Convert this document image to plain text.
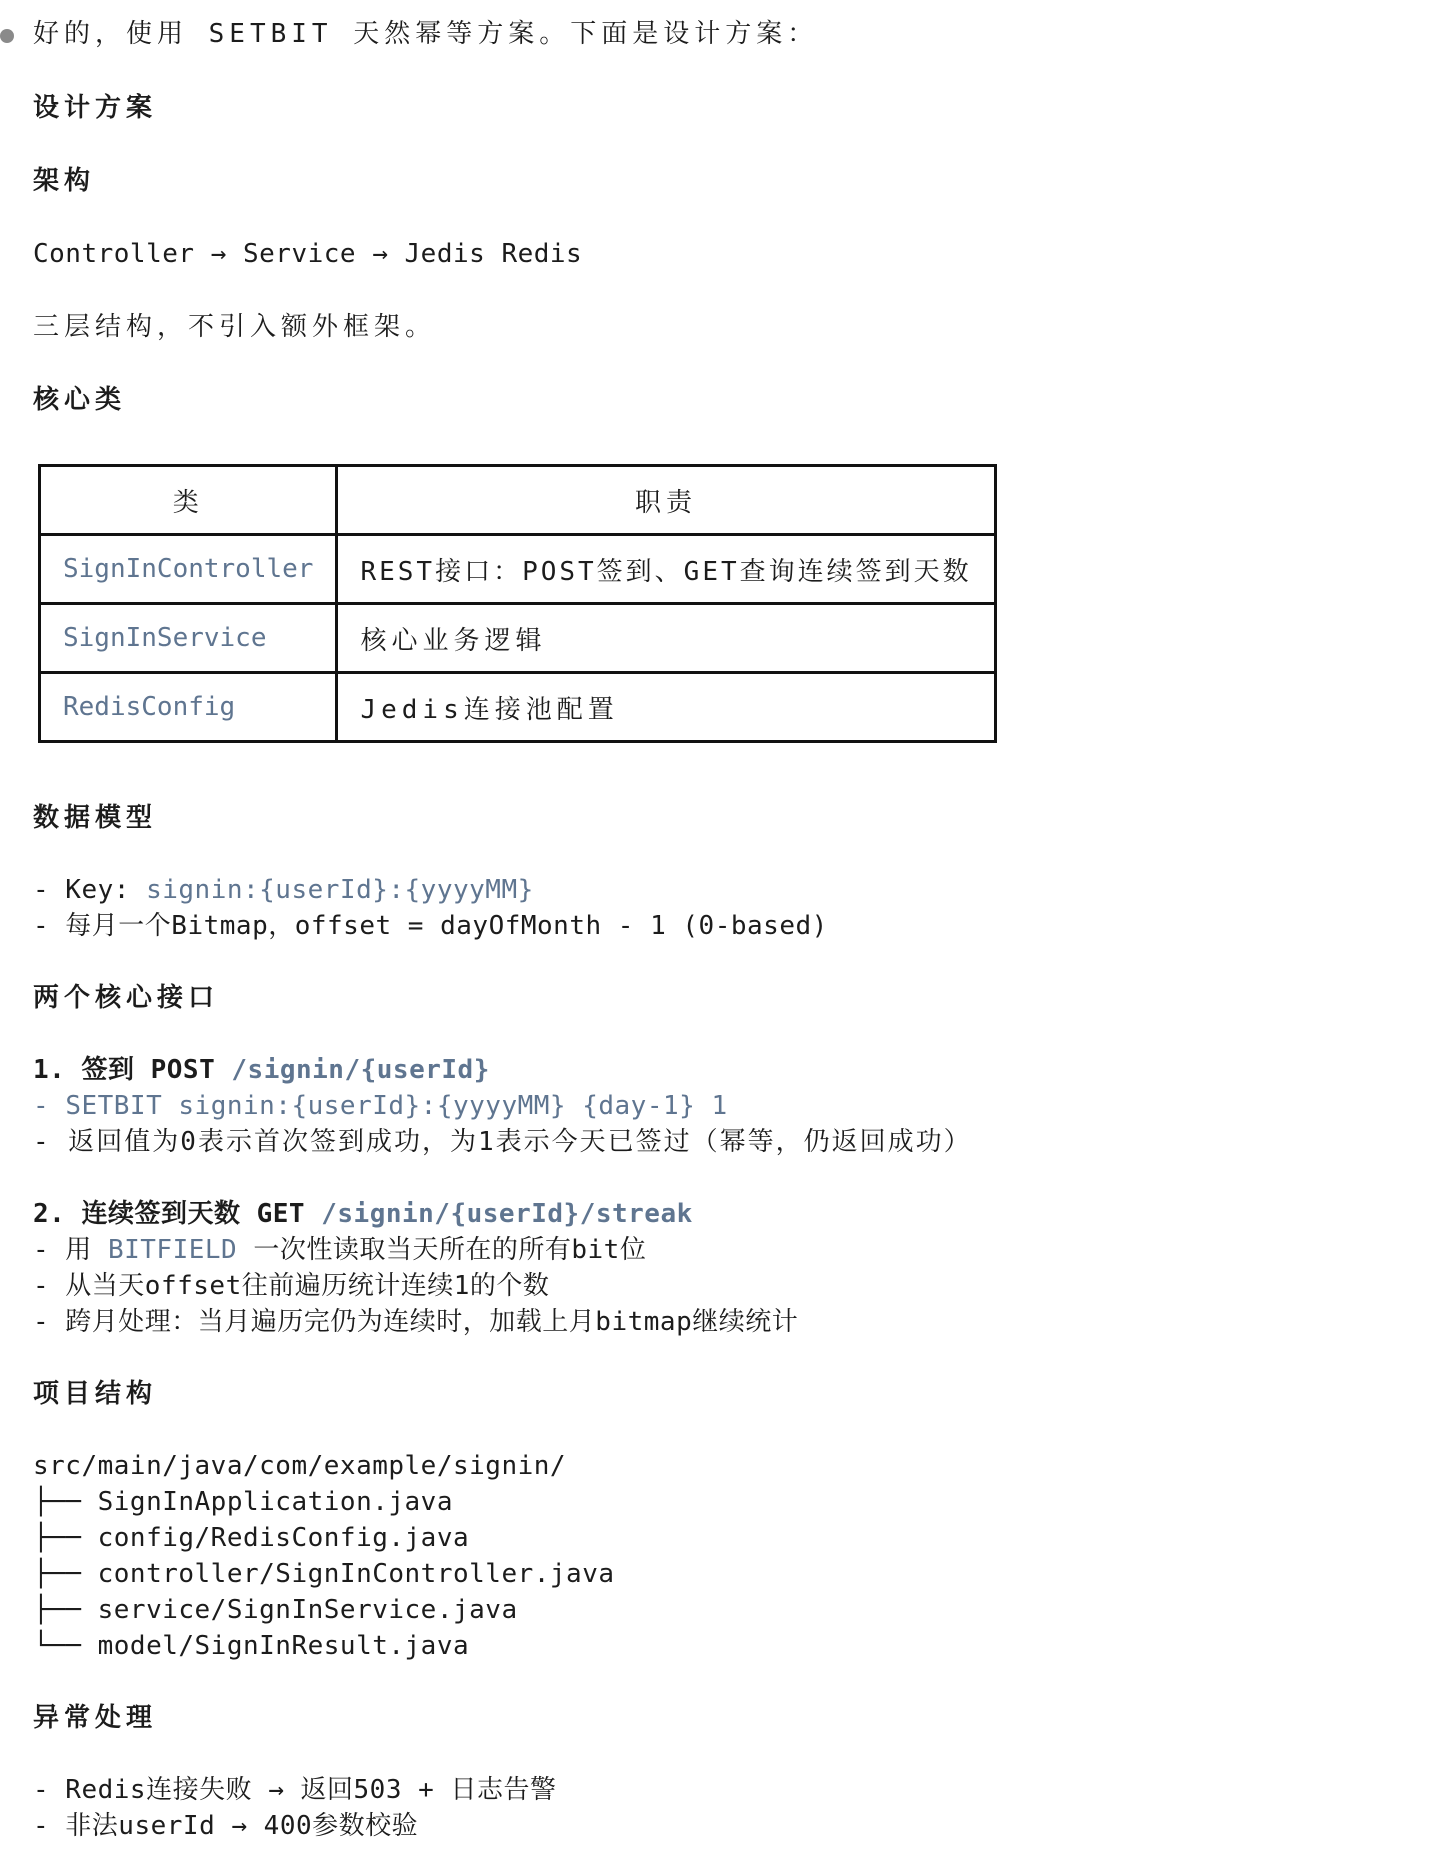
好的，使用 SETBIT 天然幂等方案。下面是设计方案：
设计方案
架构
Controller → Service → Jedis Redis
三层结构，不引入额外框架。
核心类
类	职责
SignInController	REST接口：POST签到、GET查询连续签到天数
SignInService	核心业务逻辑
RedisConfig	Jedis连接池配置
数据模型
- Key: signin:{userId}:{yyyyMM}
- 每月一个Bitmap，offset = dayOfMonth - 1 (0-based)
两个核心接口
1. 签到 POST /signin/{userId}
- SETBIT signin:{userId}:{yyyyMM} {day-1} 1
- 返回值为0表示首次签到成功，为1表示今天已签过（幂等，仍返回成功）
2. 连续签到天数 GET /signin/{userId}/streak
- 用 BITFIELD 一次性读取当天所在的所有bit位
- 从当天offset往前遍历统计连续1的个数
- 跨月处理：当月遍历完仍为连续时，加载上月bitmap继续统计
项目结构
src/main/java/com/example/signin/
├── SignInApplication.java
├── config/RedisConfig.java
├── controller/SignInController.java
├── service/SignInService.java
└── model/SignInResult.java
异常处理
- Redis连接失败 → 返回503 + 日志告警
- 非法userId → 400参数校验
